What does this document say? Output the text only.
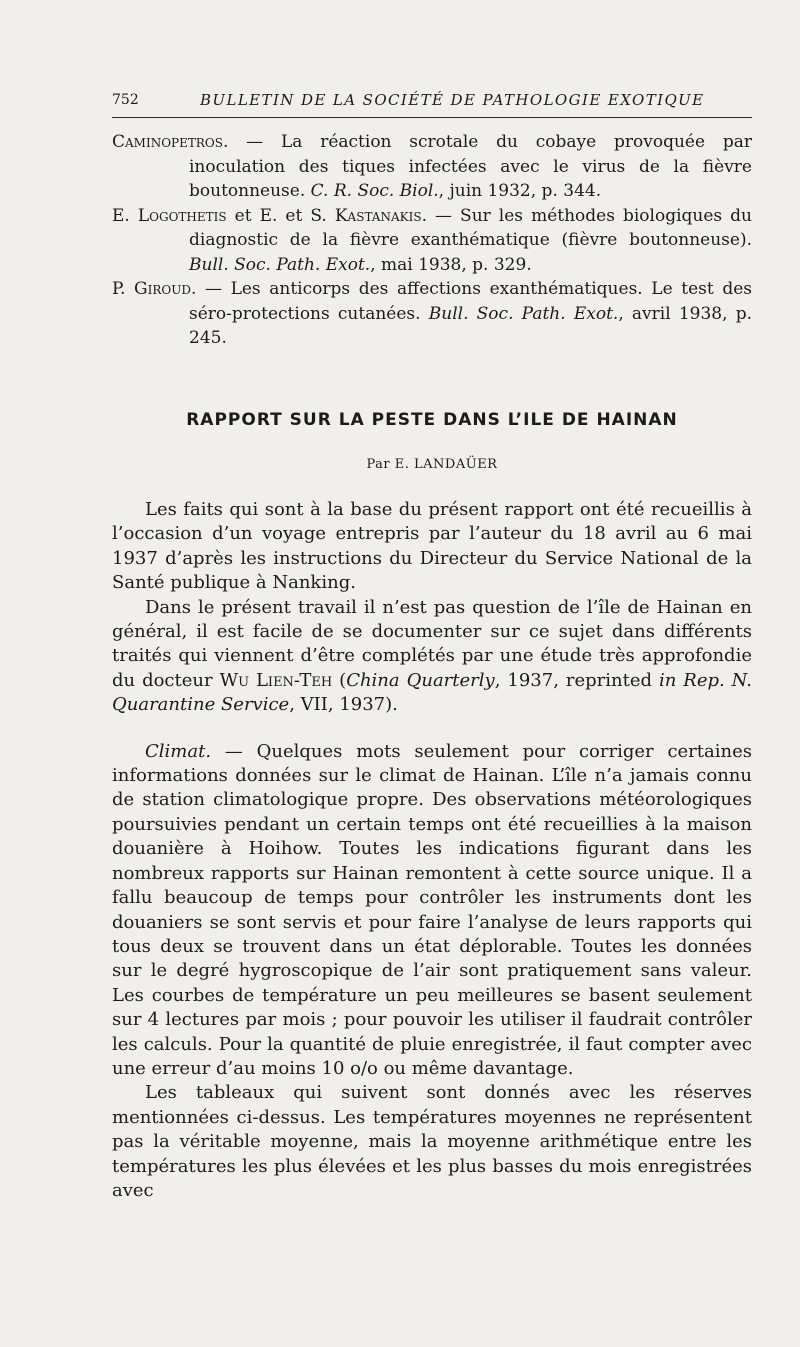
752	BULLETIN DE LA SOCIÉTÉ DE PATHOLOGIE EXOTIQUE

Caminopetros. — La réaction scrotale du cobaye provoquée par inoculation des tiques infectées avec le virus de la fièvre boutonneuse. C. R. Soc. Biol., juin 1932, p. 344.

E. Logothetis et E. et S. Kastanakis. — Sur les méthodes biologiques du diagnostic de la fièvre exanthématique (fièvre boutonneuse). Bull. Soc. Path. Exot., mai 1938, p. 329.

P. Giroud. — Les anticorps des affections exanthématiques. Le test des séro-protections cutanées. Bull. Soc. Path. Exot., avril 1938, p. 245.

RAPPORT SUR LA PESTE DANS L’ILE DE HAINAN
Par E. LANDAÜER

Les faits qui sont à la base du présent rapport ont été recueillis à l’occasion d’un voyage entrepris par l’auteur du 18 avril au 6 mai 1937 d’après les instructions du Directeur du Service National de la Santé publique à Nanking.

Dans le présent travail il n’est pas question de l’île de Hainan en général, il est facile de se documenter sur ce sujet dans différents traités qui viennent d’être complétés par une étude très approfondie du docteur Wu Lien-Teh (China Quarterly, 1937, reprinted in Rep. N. Quarantine Service, VII, 1937).

Climat. — Quelques mots seulement pour corriger certaines informations données sur le climat de Hainan. L’île n’a jamais connu de station climatologique propre. Des observations météorologiques poursuivies pendant un certain temps ont été recueillies à la maison douanière à Hoihow. Toutes les indications figurant dans les nombreux rapports sur Hainan remontent à cette source unique. Il a fallu beaucoup de temps pour contrôler les instruments dont les douaniers se sont servis et pour faire l’analyse de leurs rapports qui tous deux se trouvent dans un état déplorable. Toutes les données sur le degré hygroscopique de l’air sont pratiquement sans valeur. Les courbes de température un peu meilleures se basent seulement sur 4 lectures par mois ; pour pouvoir les utiliser il faudrait contrôler les calculs. Pour la quantité de pluie enregistrée, il faut compter avec une erreur d’au moins 10 o/o ou même davantage.

Les tableaux qui suivent sont donnés avec les réserves mentionnées ci-dessus. Les températures moyennes ne représentent pas la véritable moyenne, mais la moyenne arithmétique entre les températures les plus élevées et les plus basses du mois enregistrées avec
